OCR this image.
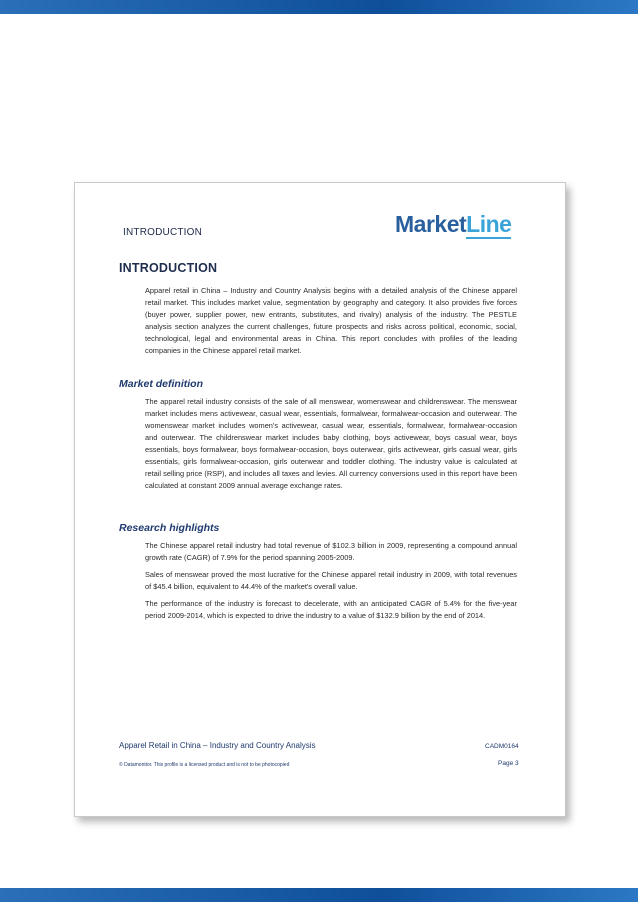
INTRODUCTION	MarketLine
INTRODUCTION

Apparel retail in China – Industry and Country Analysis begins with a detailed analysis of the Chinese apparel retail market. This includes market value, segmentation by geography and category. It also provides five forces (buyer power, supplier power, new entrants, substitutes, and rivalry) analysis of the industry. The PESTLE analysis section analyzes the current challenges, future prospects and risks across political, economic, social, technological, legal and environmental areas in China. This report concludes with profiles of the leading companies in the Chinese apparel retail market.

Market definition

The apparel retail industry consists of the sale of all menswear, womenswear and childrenswear. The menswear market includes mens activewear, casual wear, essentials, formalwear, formalwear-occasion and outerwear. The womenswear market includes women's activewear, casual wear, essentials, formalwear, formalwear-occasion and outerwear. The childrenswear market includes baby clothing, boys activewear, boys casual wear, boys essentials, boys formalwear, boys formalwear-occasion, boys outerwear, girls activewear, girls casual wear, girls essentials, girls formalwear-occasion, girls outerwear and toddler clothing. The industry value is calculated at retail selling price (RSP), and includes all taxes and levies. All currency conversions used in this report have been calculated at constant 2009 annual average exchange rates.

Research highlights

The Chinese apparel retail industry had total revenue of $102.3 billion in 2009, representing a compound annual growth rate (CAGR) of 7.9% for the period spanning 2005-2009.

Sales of menswear proved the most lucrative for the Chinese apparel retail industry in 2009, with total revenues of $45.4 billion, equivalent to 44.4% of the market's overall value.

The performance of the industry is forecast to decelerate, with an anticipated CAGR of 5.4% for the five-year period 2009-2014, which is expected to drive the industry to a value of $132.9 billion by the end of 2014.

Apparel Retail in China – Industry and Country Analysis	CADM0164
© Datamonitor. This profile is a licensed product and is not to be photocopied	Page 3
